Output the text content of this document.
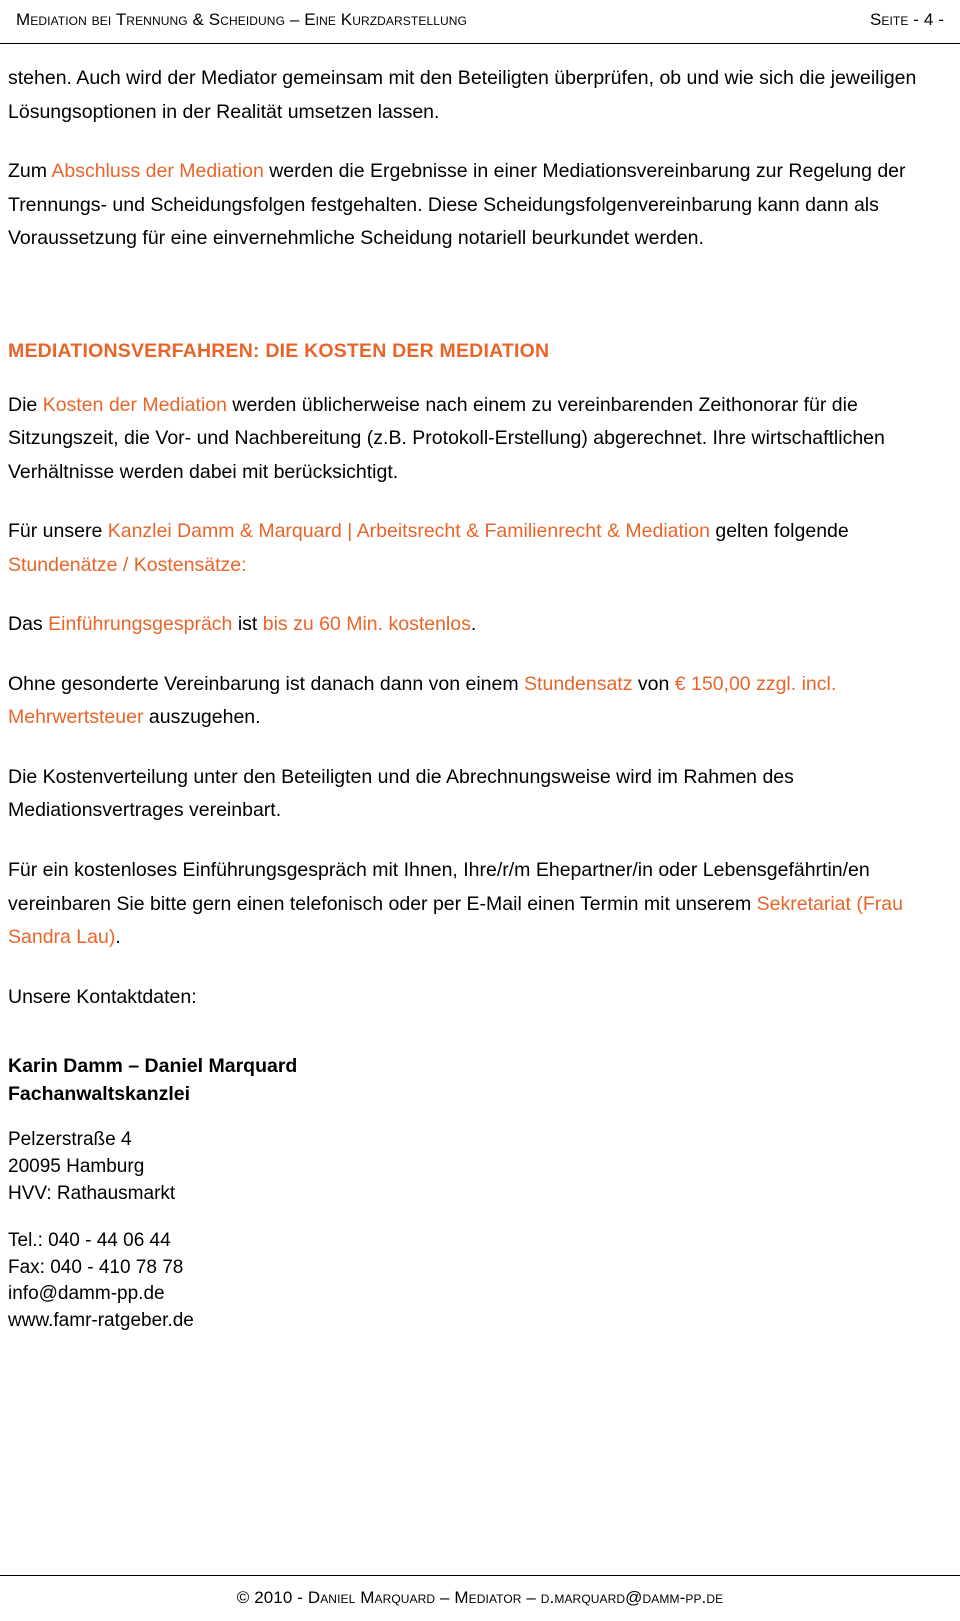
Mediation bei Trennung & Scheidung – Eine Kurzdarstellung	Seite - 4 -

stehen. Auch wird der Mediator gemeinsam mit den Beteiligten überprüfen, ob und wie sich die jeweiligen Lösungsoptionen in der Realität umsetzen lassen.

Zum Abschluss der Mediation werden die Ergebnisse in einer Mediationsvereinbarung zur Regelung der Trennungs- und Scheidungsfolgen festgehalten. Diese Scheidungsfolgenvereinbarung kann dann als Voraussetzung für eine einvernehmliche Scheidung notariell beurkundet werden.

MEDIATIONSVERFAHREN: DIE KOSTEN DER MEDIATION

Die Kosten der Mediation werden üblicherweise nach einem zu vereinbarenden Zeithonorar für die Sitzungszeit, die Vor- und Nachbereitung (z.B. Protokoll-Erstellung) abgerechnet. Ihre wirtschaftlichen Verhältnisse werden dabei mit berücksichtigt.

Für unsere Kanzlei Damm & Marquard | Arbeitsrecht & Familienrecht & Mediation gelten folgende Stundenätze / Kostensätze:

Das Einführungsgespräch ist bis zu 60 Min. kostenlos.

Ohne gesonderte Vereinbarung ist danach dann von einem Stundensatz von € 150,00 zzgl. incl. Mehrwertsteuer auszugehen.

Die Kostenverteilung unter den Beteiligten und die Abrechnungsweise wird im Rahmen des Mediationsvertrages vereinbart.

Für ein kostenloses Einführungsgespräch mit Ihnen, Ihre/r/m Ehepartner/in oder Lebensgefährtin/en vereinbaren Sie bitte gern einen telefonisch oder per E-Mail einen Termin mit unserem Sekretariat (Frau Sandra Lau).

Unsere Kontaktdaten:

Karin Damm – Daniel Marquard
Fachanwaltskanzlei
Pelzerstraße 4
20095 Hamburg
HVV: Rathausmarkt
Tel.: 040 - 44 06 44
Fax: 040 - 410 78 78
info@damm-pp.de
www.famr-ratgeber.de
© 2010 - Daniel Marquard – Mediator – d.marquard@damm-pp.de
